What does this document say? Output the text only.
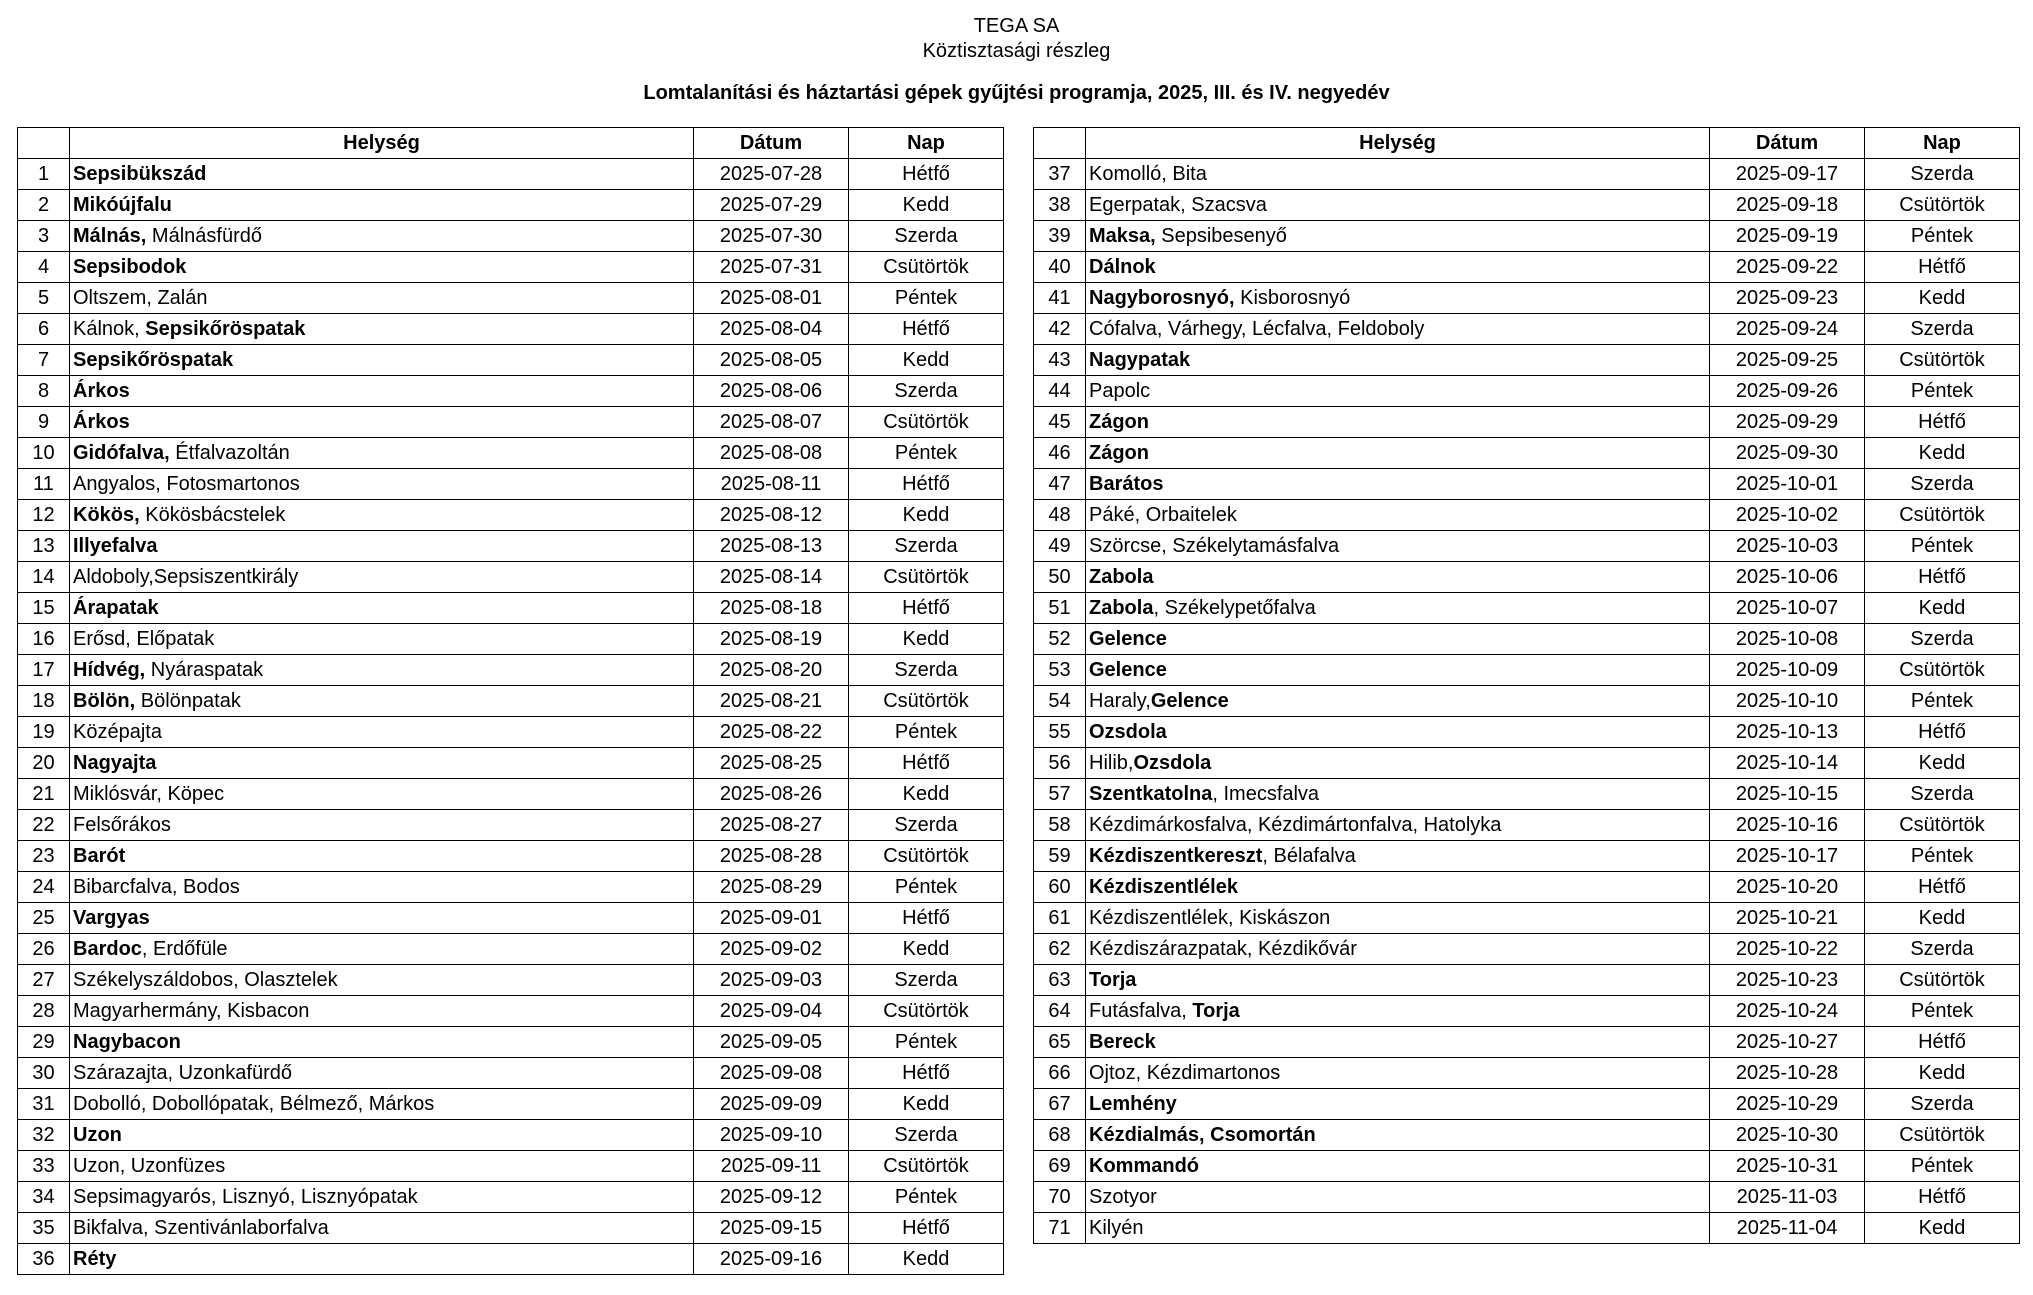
TEGA SA
Köztisztasági részleg
Lomtalanítási és háztartási gépek gyűjtési programja, 2025, III. és IV. negyedév
	Helység	Dátum	Nap
1	Sepsibükszád	2025-07-28	Hétfő
2	Mikóújfalu	2025-07-29	Kedd
3	Málnás, Málnásfürdő	2025-07-30	Szerda
4	Sepsibodok	2025-07-31	Csütörtök
5	Oltszem, Zalán	2025-08-01	Péntek
6	Kálnok, Sepsikőröspatak	2025-08-04	Hétfő
7	Sepsikőröspatak	2025-08-05	Kedd
8	Árkos	2025-08-06	Szerda
9	Árkos	2025-08-07	Csütörtök
10	Gidófalva, Étfalvazoltán	2025-08-08	Péntek
11	Angyalos, Fotosmartonos	2025-08-11	Hétfő
12	Kökös, Kökösbácstelek	2025-08-12	Kedd
13	Illyefalva	2025-08-13	Szerda
14	Aldoboly,Sepsiszentkirály	2025-08-14	Csütörtök
15	Árapatak	2025-08-18	Hétfő
16	Erősd, Előpatak	2025-08-19	Kedd
17	Hídvég, Nyáraspatak	2025-08-20	Szerda
18	Bölön, Bölönpatak	2025-08-21	Csütörtök
19	Középajta	2025-08-22	Péntek
20	Nagyajta	2025-08-25	Hétfő
21	Miklósvár, Köpec	2025-08-26	Kedd
22	Felsőrákos	2025-08-27	Szerda
23	Barót	2025-08-28	Csütörtök
24	Bibarcfalva, Bodos	2025-08-29	Péntek
25	Vargyas	2025-09-01	Hétfő
26	Bardoc, Erdőfüle	2025-09-02	Kedd
27	Székelyszáldobos, Olasztelek	2025-09-03	Szerda
28	Magyarhermány, Kisbacon	2025-09-04	Csütörtök
29	Nagybacon	2025-09-05	Péntek
30	Szárazajta, Uzonkafürdő	2025-09-08	Hétfő
31	Dobolló, Dobollópatak, Bélmező, Márkos	2025-09-09	Kedd
32	Uzon	2025-09-10	Szerda
33	Uzon, Uzonfüzes	2025-09-11	Csütörtök
34	Sepsimagyarós, Lisznyó, Lisznyópatak	2025-09-12	Péntek
35	Bikfalva, Szentivánlaborfalva	2025-09-15	Hétfő
36	Réty	2025-09-16	Kedd
	Helység	Dátum	Nap
37	Komolló, Bita	2025-09-17	Szerda
38	Egerpatak, Szacsva	2025-09-18	Csütörtök
39	Maksa, Sepsibesenyő	2025-09-19	Péntek
40	Dálnok	2025-09-22	Hétfő
41	Nagyborosnyó, Kisborosnyó	2025-09-23	Kedd
42	Cófalva, Várhegy, Lécfalva, Feldoboly	2025-09-24	Szerda
43	Nagypatak	2025-09-25	Csütörtök
44	Papolc	2025-09-26	Péntek
45	Zágon	2025-09-29	Hétfő
46	Zágon	2025-09-30	Kedd
47	Barátos	2025-10-01	Szerda
48	Páké, Orbaitelek	2025-10-02	Csütörtök
49	Szörcse, Székelytamásfalva	2025-10-03	Péntek
50	Zabola	2025-10-06	Hétfő
51	Zabola, Székelypetőfalva	2025-10-07	Kedd
52	Gelence	2025-10-08	Szerda
53	Gelence	2025-10-09	Csütörtök
54	Haraly,Gelence	2025-10-10	Péntek
55	Ozsdola	2025-10-13	Hétfő
56	Hilib,Ozsdola	2025-10-14	Kedd
57	Szentkatolna, Imecsfalva	2025-10-15	Szerda
58	Kézdimárkosfalva, Kézdimártonfalva, Hatolyka	2025-10-16	Csütörtök
59	Kézdiszentkereszt, Bélafalva	2025-10-17	Péntek
60	Kézdiszentlélek	2025-10-20	Hétfő
61	Kézdiszentlélek, Kiskászon	2025-10-21	Kedd
62	Kézdiszárazpatak, Kézdikővár	2025-10-22	Szerda
63	Torja	2025-10-23	Csütörtök
64	Futásfalva, Torja	2025-10-24	Péntek
65	Bereck	2025-10-27	Hétfő
66	Ojtoz, Kézdimartonos	2025-10-28	Kedd
67	Lemhény	2025-10-29	Szerda
68	Kézdialmás, Csomortán	2025-10-30	Csütörtök
69	Kommandó	2025-10-31	Péntek
70	Szotyor	2025-11-03	Hétfő
71	Kilyén	2025-11-04	Kedd
